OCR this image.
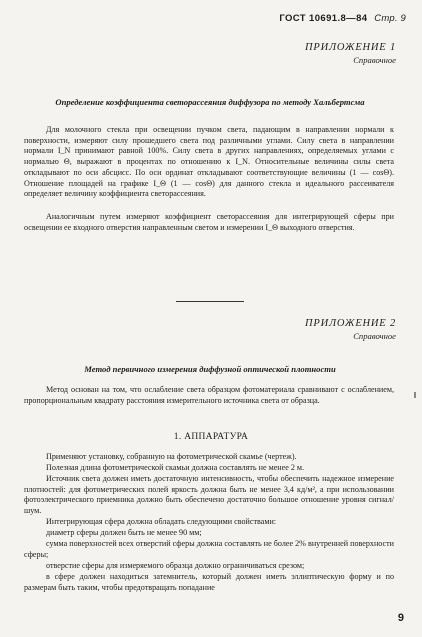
ГОСТ 10691.8—84 Стр. 9
ПРИЛОЖЕНИЕ 1
Справочное
Определение коэффициента светорассеяния диффузора по методу Хальбертсма

Для молочного стекла при освещении пучком света, падающим в направлении нормали к поверхности, измеряют силу прошедшего света под различными углами. Силу света в направлении нормали I_N принимают равной 100%. Силу света в других направлениях, определяемых углами с нормалью Θ, выражают в процентах по отношению к I_N. Относительные величины силы света откладывают по оси абсцисс. По оси ординат откладывают соответствующие величины (1 — cosΘ). Отношение площадей на графике I_Θ (1 — cosΘ) для данного стекла и идеального рассеивателя определяет величину коэффициента светорассеяния.

Аналогичным путем измеряют коэффициент светорассеяния для интегрирующей сферы при освещении ее входного отверстия направленным светом и измерении I_Θ выходного отверстия.

ПРИЛОЖЕНИЕ 2
Справочное
Метод первичного измерения диффузной оптической плотности

Метод основан на том, что ослабление света образцом фотоматериала сравнивают с ослаблением, пропорциональным квадрату расстояния измерительного источника света от образца.

1. АППАРАТУРА

Применяют установку, собранную на фотометрической скамье (чертеж).

Полезная длина фотометрической скамьи должна составлять не менее 2 м.

Источник света должен иметь достаточную интенсивность, чтобы обеспечить надежное измерение плотностей: для фотометрических полей яркость должна быть не менее 3,4 кд/м², а при использовании фотоэлектрического приемника должно быть обеспечено достаточно большое отношение уровня сигнал/шум.

Интегрирующая сфера должна обладать следующими свойствами:

диаметр сферы должен быть не менее 90 мм;

сумма поверхностей всех отверстий сферы должна составлять не более 2% внутренней поверхности сферы;

отверстие сферы для измеряемого образца должно ограничиваться срезом;

в сфере должен находиться затемнитель, который должен иметь эллиптическую форму и по размерам быть таким, чтобы предотвращать попадание

9
